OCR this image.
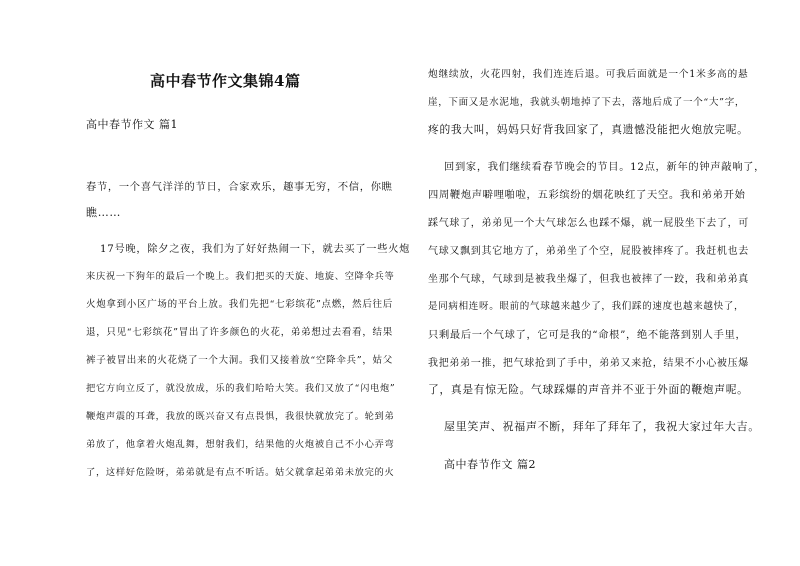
高中春节作文集锦4篇
高中春节作文 篇1
春节，一个喜气洋洋的节日，合家欢乐，趣事无穷，不信，你瞧
瞧……
17号晚，除夕之夜，我们为了好好热闹一下，就去买了一些火炮
来庆祝一下狗年的最后一个晚上。我们把买的天旋、地旋、空降伞兵等
火炮拿到小区广场的平台上放。我们先把“七彩缤花”点燃，然后往后
退，只见“七彩缤花”冒出了许多颜色的火花，弟弟想过去看看，结果
裤子被冒出来的火花烧了一个大洞。我们又接着放“空降伞兵”，姑父
把它方向立反了，就没放成，乐的我们哈哈大笑。我们又放了“闪电炮”
鞭炮声震的耳聋，我放的既兴奋又有点畏惧，我很快就放完了。轮到弟
弟放了，他拿着火炮乱舞，想射我们，结果他的火炮被自己不小心弄弯
了，这样好危险呀，弟弟就是有点不听话。姑父就拿起弟弟未放完的火
炮继续放，火花四射，我们连连后退。可我后面就是一个1米多高的悬
崖，下面又是水泥地，我就头朝地掉了下去，落地后成了一个“大”字，
疼的我大叫，妈妈只好背我回家了，真遗憾没能把火炮放完呢。
回到家，我们继续看春节晚会的节目。12点，新年的钟声敲响了，
四周鞭炮声噼哩啪啦，五彩缤纷的烟花映红了天空。我和弟弟开始
踩气球了，弟弟见一个大气球怎么也踩不爆，就一屁股坐下去了，可
气球又飘到其它地方了，弟弟坐了个空，屁股被摔疼了。我赶机也去
坐那个气球，气球到是被我坐爆了，但我也被摔了一跤，我和弟弟真
是同病相连呀。眼前的气球越来越少了，我们踩的速度也越来越快了，
只剩最后一个气球了，它可是我的“命根”，绝不能落到别人手里，
我把弟弟一推，把气球抢到了手中，弟弟又来抢，结果不小心被压爆
了，真是有惊无险。气球踩爆的声音并不亚于外面的鞭炮声呢。
屋里笑声、祝福声不断，拜年了拜年了，我祝大家过年大吉。
高中春节作文 篇2
